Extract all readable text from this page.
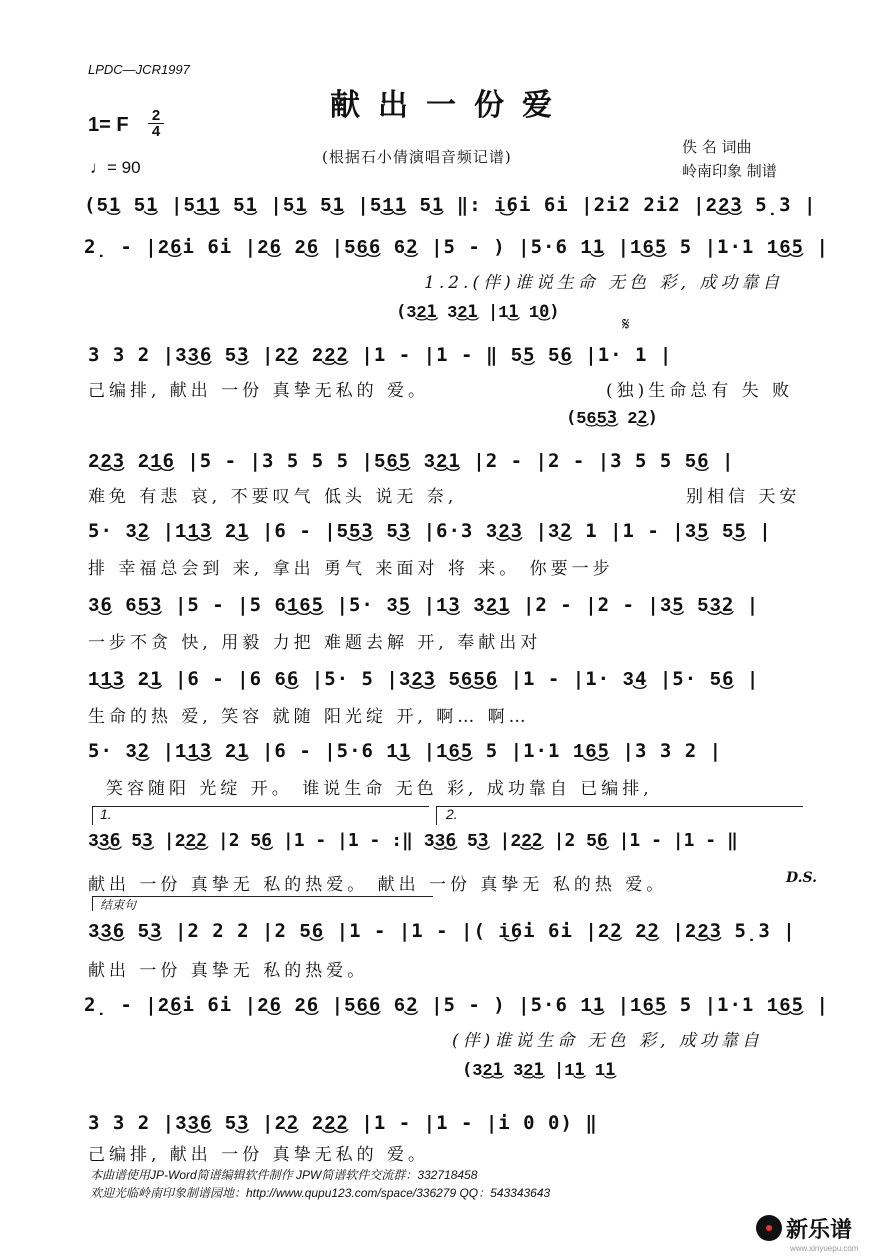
LPDC—JCR1997
献出一份爱
1= F 2
4
♩= 90
(根据石小倩演唱音频记谱)
佚 名 词曲
岭南印象 制谱
(5͜1 5͜1 |5͜1͜1 5͜1 |5͜1 5͜1 |5͜1͜1 5͜1 ‖: i͜6i 6i |2i2 2i2 |2͜2͜3 5̣3 |
2̣ - |2͜6i 6i |2͜6 2͜6 |5͜6͜6 6͜2 |5 - ) |5·6 1͜1 |1͜6͜5 5 |1·1 1͜6͜5 |
1.2.(伴)谁说生命 无色 彩, 成功靠自
(3͜2͜1 3͜2͜1 |1͜1 1͜0)
𝄋
3 3 2 |3͜3͜6 5͜3 |2͜2 2͜2͜2 |1 - |1 - ‖ 5͜5 5͜6 |1· 1 |
己编排, 献出 一份 真挚无私的 爱。	(独)生命总有 失 败
(5͜6͜5͜3 2͜2)
2͜2͜3 2͜1͜6 |5 - |3 5 5 5 |5͜6͜5 3͜2͜1 |2 - |2 - |3 5 5 5͜6 |
难免 有悲 哀, 不要叹气 低头 说无 奈,	别相信 天安
5· 3͜2 |1͜1͜3 2͜1 |6 - |5͜5͜3 5͜3 |6·3 3͜2͜3 |3͜2 1 |1 - |3͜5 5͜5 |
排 幸福总会到 来, 拿出 勇气 来面对 将 来。 你要一步
3͜6 6͜5͜3 |5 - |5 6͜1͜6͜5 |5· 3͜5 |1͜3 3͜2͜1 |2 - |2 - |3͜5 5͜3͜2 |
一步不贪 快, 用毅 力把 难题去解 开, 奉献出对
1͜1͜3 2͜1 |6 - |6 6͜6 |5· 5 |3͜2͜3 5͜6͜5͜6 |1 - |1· 3͜4 |5· 5͜6 |
生命的热 爱, 笑容 就随 阳光绽 开, 啊… 啊…
5· 3͜2 |1͜1͜3 2͜1 |6 - |5·6 1͜1 |1͜6͜5 5 |1·1 1͜6͜5 |3 3 2 |
笑容随阳 光绽 开。 谁说生命 无色 彩, 成功靠自 已编排,
1.	2.
3͜3͜6 5͜3 |2͜2͜2 |2 5͜6 |1 - |1 - :‖ 3͜3͜6 5͜3 |2͜2͜2 |2 5͜6 |1 - |1 - ‖
献出 一份 真挚无 私的热爱。 献出 一份 真挚无 私的热 爱。	D.S.
结束句
3͜3͜6 5͜3 |2 2 2 |2 5͜6 |1 - |1 - |( i͜6i 6i |2͜2 2͜2 |2͜2͜3 5̣3 |
献出 一份 真挚无 私的热爱。
2̣ - |2͜6i 6i |2͜6 2͜6 |5͜6͜6 6͜2 |5 - ) |5·6 1͜1 |1͜6͜5 5 |1·1 1͜6͜5 |
(伴)谁说生命 无色 彩, 成功靠自
(3͜2͜1 3͜2͜1 |1͜1 1͜1
3 3 2 |3͜3͜6 5͜3 |2͜2 2͜2͜2 |1 - |1 - |i 0 0) ‖
己编排, 献出 一份 真挚无私的 爱。
本曲谱使用JP-Word简谱编辑软件制作 JPW简谱软件交流群：332718458
欢迎光临岭南印象制谱园地：http://www.qupu123.com/space/336279 QQ：543343643
新乐谱
www.xinyuepu.com
